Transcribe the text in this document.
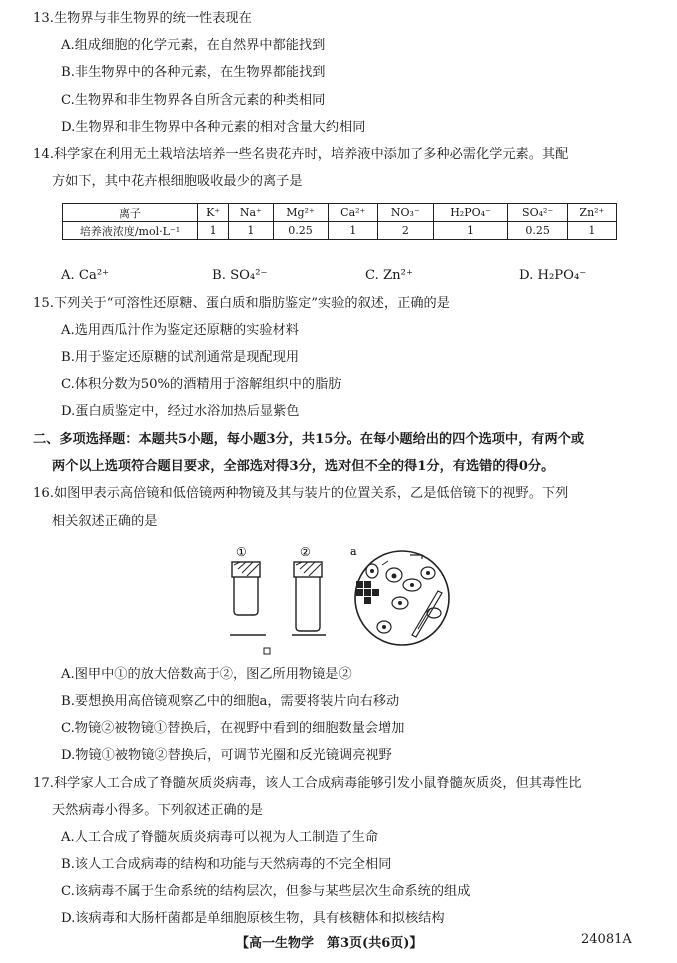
13.生物界与非生物界的统一性表现在
A.组成细胞的化学元素，在自然界中都能找到
B.非生物界中的各种元素，在生物界都能找到
C.生物界和非生物界各自所含元素的种类相同
D.生物界和非生物界中各种元素的相对含量大约相同
14.科学家在利用无土栽培法培养一些名贵花卉时，培养液中添加了多种必需化学元素。其配
方如下，其中花卉根细胞吸收最少的离子是
离子	K⁺	Na⁺	Mg²⁺	Ca²⁺	NO₃⁻	H₂PO₄⁻	SO₄²⁻	Zn²⁺
培养液浓度/mol·L⁻¹	1	1	0.25	1	2	1	0.25	1
A. Ca²⁺	B. SO₄²⁻	C. Zn²⁺	D. H₂PO₄⁻
15.下列关于“可溶性还原糖、蛋白质和脂肪鉴定”实验的叙述，正确的是
A.选用西瓜汁作为鉴定还原糖的实验材料
B.用于鉴定还原糖的试剂通常是现配现用
C.体积分数为50%的酒精用于溶解组织中的脂肪
D.蛋白质鉴定中，经过水浴加热后显紫色
二、多项选择题：本题共5小题，每小题3分，共15分。在每小题给出的四个选项中，有两个或
两个以上选项符合题目要求，全部选对得3分，选对但不全的得1分，有选错的得0分。
16.如图甲表示高倍镜和低倍镜两种物镜及其与装片的位置关系，乙是低倍镜下的视野。下列
相关叙述正确的是
①	②	a
A.图甲中①的放大倍数高于②，图乙所用物镜是②
B.要想换用高倍镜观察乙中的细胞a，需要将装片向右移动
C.物镜②被物镜①替换后，在视野中看到的细胞数量会增加
D.物镜①被物镜②替换后，可调节光圈和反光镜调亮视野
17.科学家人工合成了脊髓灰质炎病毒，该人工合成病毒能够引发小鼠脊髓灰质炎，但其毒性比
天然病毒小得多。下列叙述正确的是
A.人工合成了脊髓灰质炎病毒可以视为人工制造了生命
B.该人工合成病毒的结构和功能与天然病毒的不完全相同
C.该病毒不属于生命系统的结构层次，但参与某些层次生命系统的组成
D.该病毒和大肠杆菌都是单细胞原核生物，具有核糖体和拟核结构
【高一生物学　第3页(共6页)】	24081A
